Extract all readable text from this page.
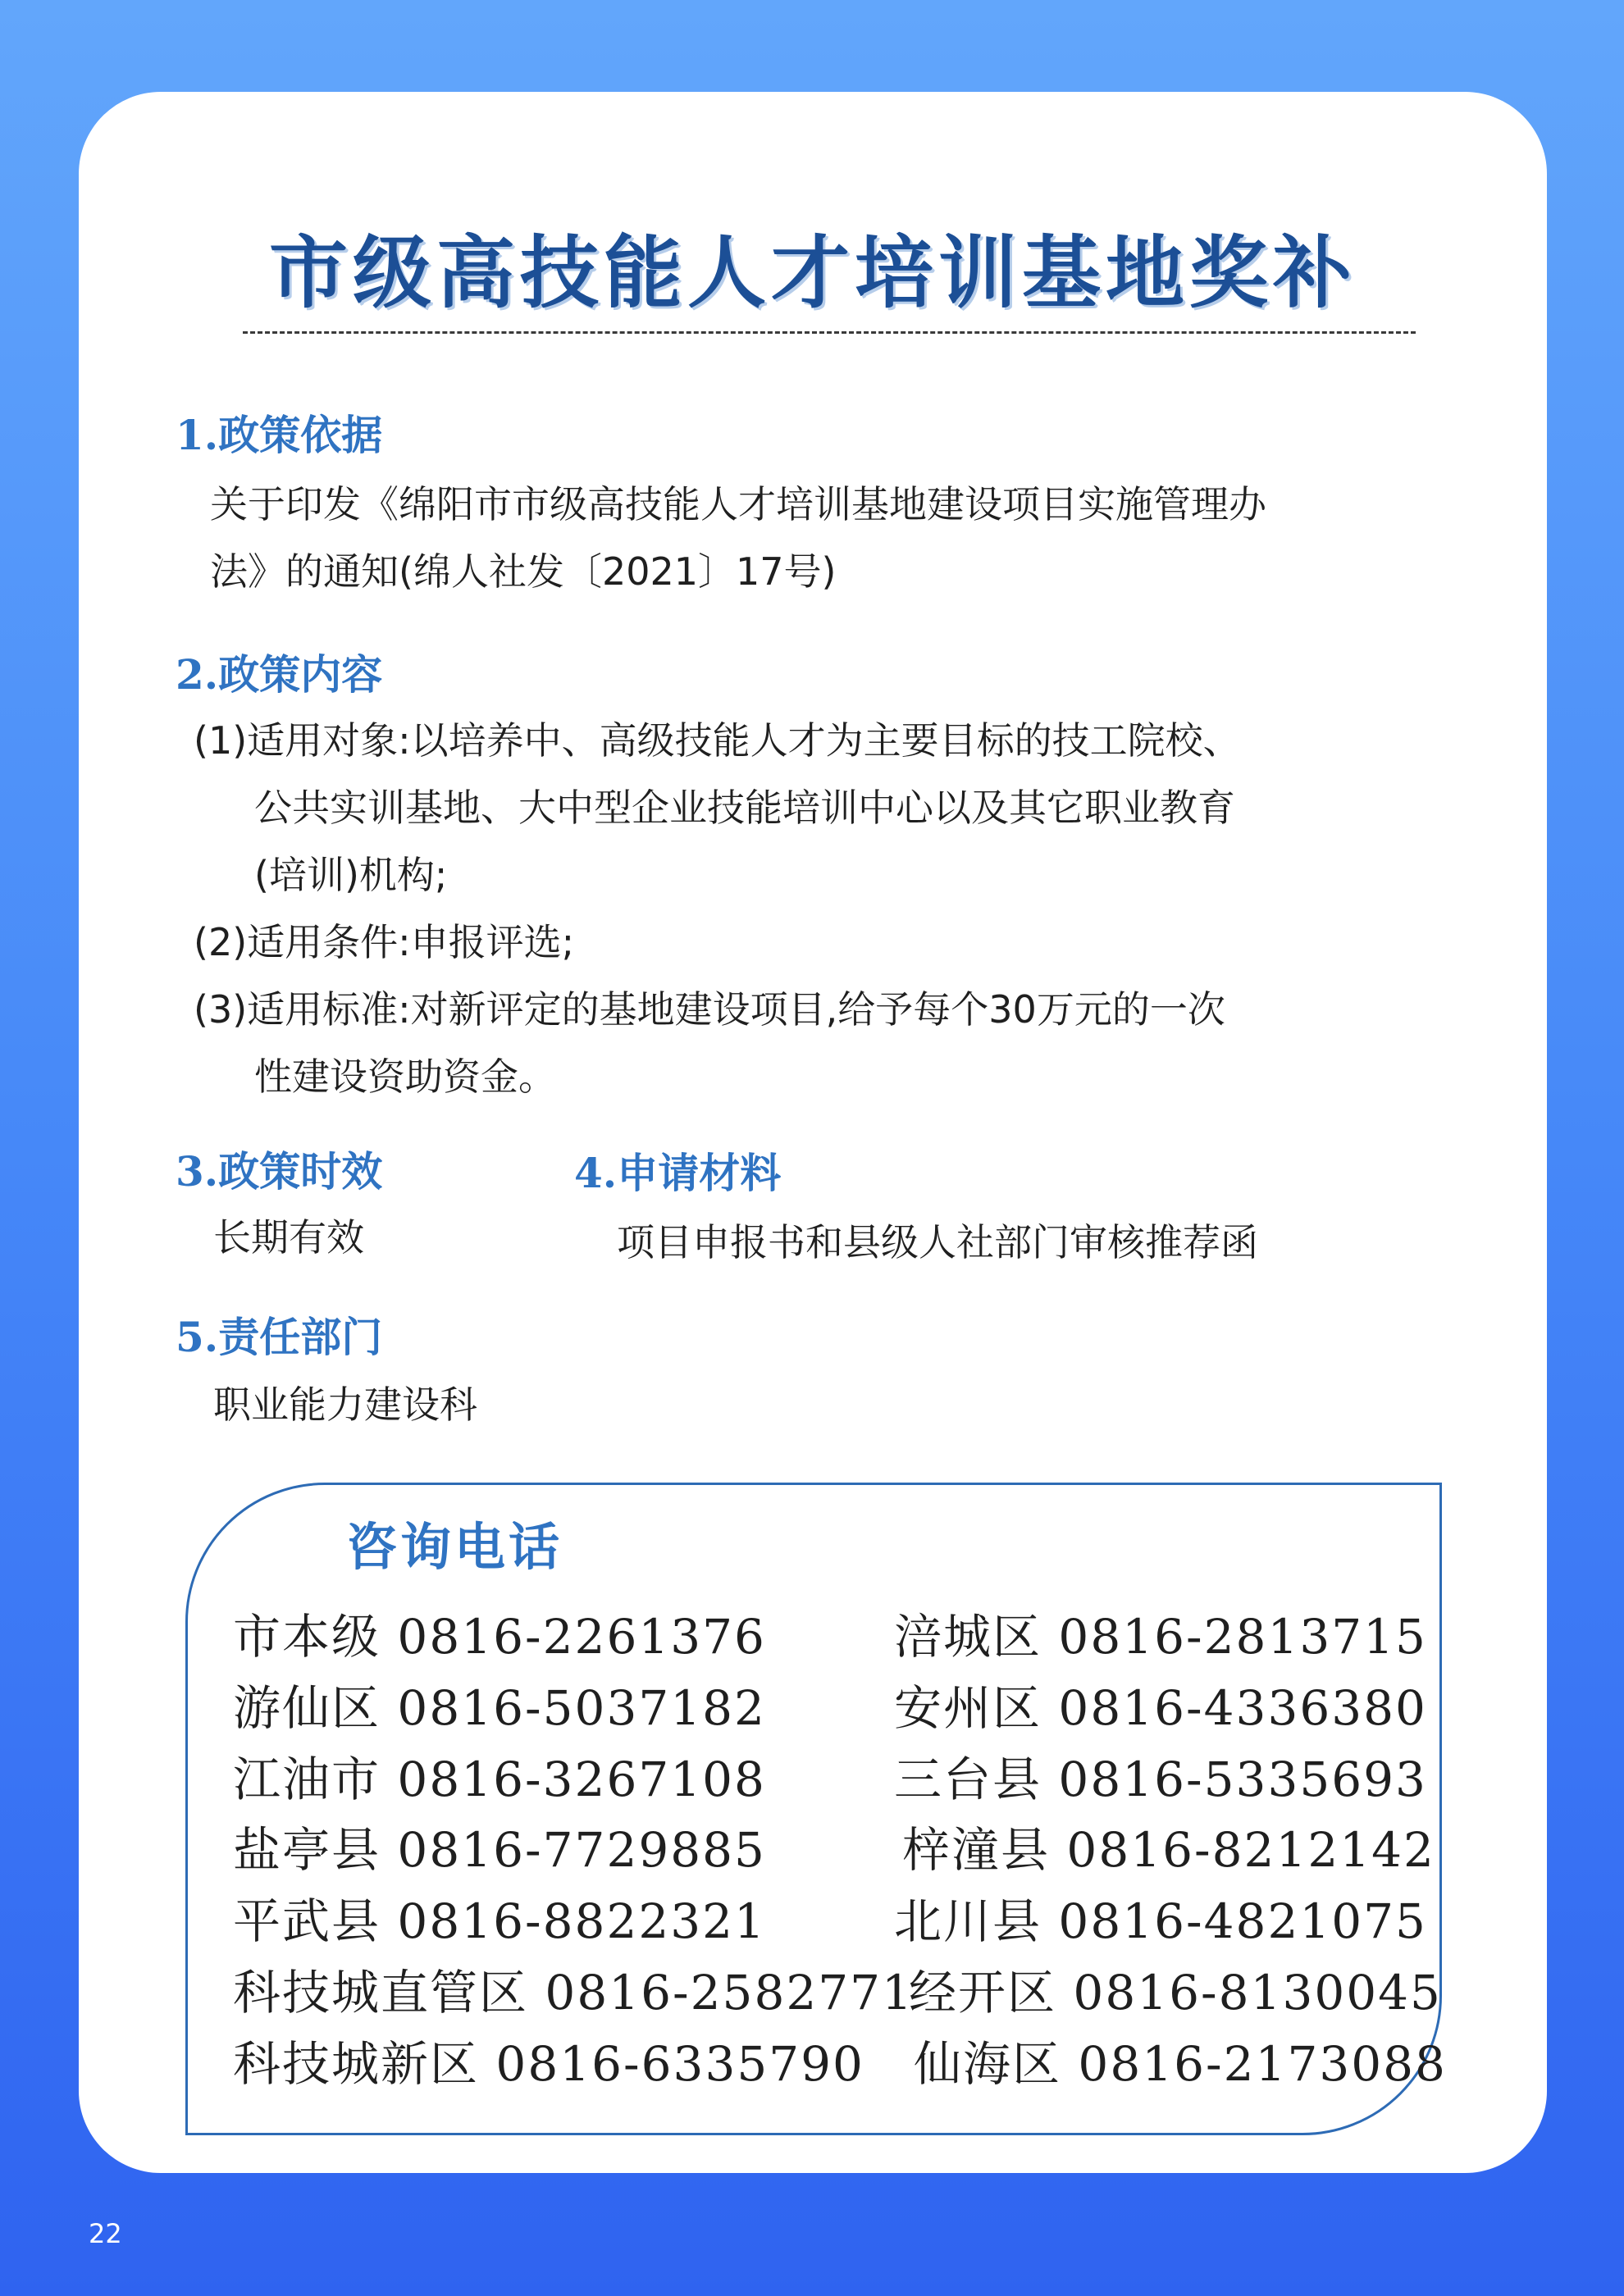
市级高技能人才培训基地奖补
1.政策依据
关于印发《绵阳市市级高技能人才培训基地建设项目实施管理办
法》的通知(绵人社发〔2021〕17号)
2.政策内容
(1)适用对象:以培养中、高级技能人才为主要目标的技工院校、
公共实训基地、大中型企业技能培训中心以及其它职业教育
(培训)机构;
(2)适用条件:申报评选;
(3)适用标准:对新评定的基地建设项目,给予每个30万元的一次
性建设资助资金。
3.政策时效
长期有效
4.申请材料
项目申报书和县级人社部门审核推荐函
5.责任部门
职业能力建设科
咨询电话
市本级 0816-2261376
游仙区 0816-5037182
江油市 0816-3267108
盐亭县 0816-7729885
平武县 0816-8822321
科技城直管区 0816-2582771
科技城新区 0816-6335790
涪城区 0816-2813715
安州区 0816-4336380
三台县 0816-5335693
梓潼县 0816-8212142
北川县 0816-4821075
经开区 0816-8130045
仙海区 0816-2173088
22
